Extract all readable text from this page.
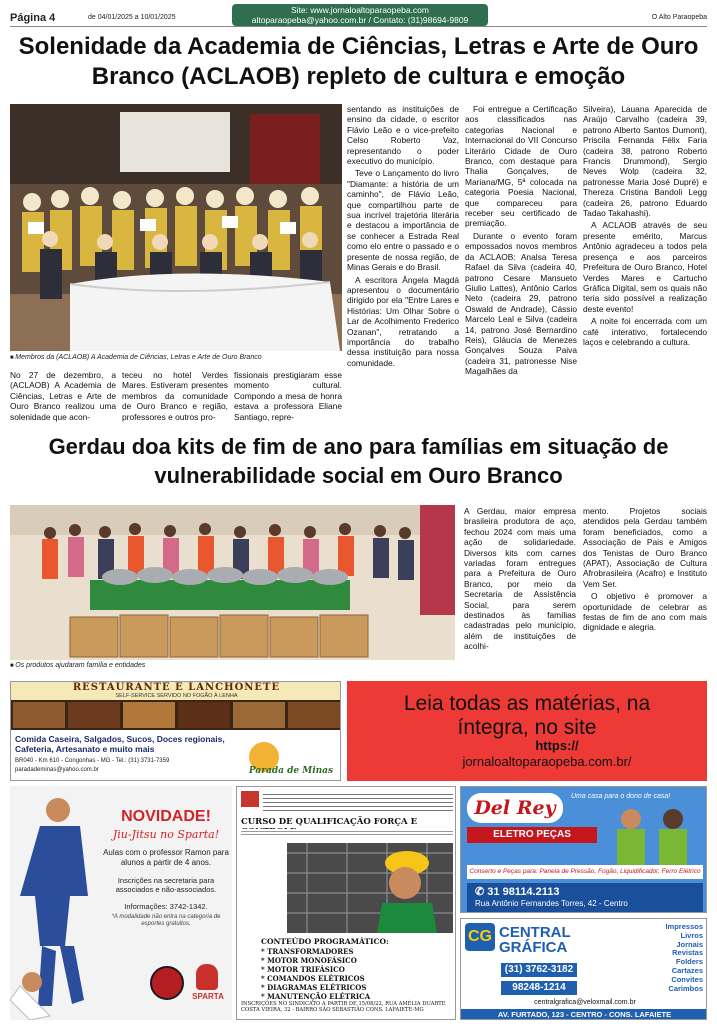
Página 4	de 04/01/2025 a 10/01/2025
Site: www.jornaloaltoparaopeba.com
altoparaopeba@yahoo.com.br / Contato: (31)98694-9809	O Alto Paraopeba
Solenidade da Academia de Ciências, Letras e Arte de Ouro Branco (ACLAOB) repleto de cultura e emoção
■ Membros da (ACLAOB) A Academia de Ciências, Letras e Arte de Ouro Branco
No 27 de dezembro, a (ACLAOB) A Academia de Ciências, Letras e Arte de Ouro Branco realizou uma solenidade que acon-
teceu no hotel Verdes Mares. Estiveram presentes membros da comunidade de Ouro Branco e região, professores e outros pro-
fissionais prestigiaram esse momento cultural. Compondo a mesa de honra estava a professora Eliane Santiago, repre-

sentando as instituições de ensino da cidade, o escritor Flávio Leão e o vice-prefeito Celso Roberto Vaz, representando o poder executivo do município.

Teve o Lançamento do livro "Diamante: a história de um caminho", de Flávio Leão, que compartilhou parte de sua incrível trajetória literária e destacou a importância de se conhecer a Estrada Real como elo entre o passado e o presente de nossa região, de Minas Gerais e do Brasil.

A escritora Ângela Magdá apresentou o documentário dirigido por ela "Entre Lares e Histórias: Um Olhar Sobre o Lar de Acolhimento Frederico Ozanan", retratando a importância do trabalho dessa instituição para nossa comunidade.

Foi entregue a Certificação aos classificados nas categorias Nacional e Internacional do VII Concurso Literário Cidade de Ouro Branco, com destaque para Thalia Gonçalves, de Mariana/MG, 5ª colocada na categoria Poesia Nacional, que compareceu para receber seu certificado de premiação.

Durante o evento foram empossados novos membros da ACLAOB: Analsa Teresa Rafael da Silva (cadeira 40, patrono Cesare Mansueto Giulio Lattes), Antônio Carlos Neto (cadeira 29, patrono Oswald de Andrade), Cássio Marcelo Leal e Silva (cadeira 14, patrono José Bernardino Reis), Gláucia de Menezes Gonçalves Souza Paiva (cadeira 31, patronesse Nise Magalhães da

Silveira), Lauana Aparecida de Araújo Carvalho (cadeira 39, patrono Alberto Santos Dumont), Priscila Fernanda Félix Faria (cadeira 38, patrono Roberto Francis Drummond), Sergio Neves Wolp (cadeira 32, patronesse Maria José Dupré) e Thereza Cristina Bandoli Legg (cadeira 26, patrono Eduardo Tadao Takahashi).

A ACLAOB através de seu presente emérito, Marcus Antônio agradeceu a todos pela presença e aos parceiros Prefeitura de Ouro Branco, Hotel Verdes Mares e Cartucho Gráfica Digital, sem os quais não teria sido possível a realização deste evento!

A noite foi encerrada com um café interativo, fortalecendo laços e celebrando a cultura.

Gerdau doa kits de fim de ano para famílias em situação de vulnerabilidade social em Ouro Branco
■ Os produtos ajudaram família e entidades
A Gerdau, maior empresa brasileira produtora de aço, fechou 2024 com mais uma ação de solidariedade. Diversos kits com carnes variadas foram entregues para a Prefeitura de Ouro Branco, por meio da Secretaria de Assistência Social, para serem destinados às famílias cadastradas pelo município, além de instituições de acolhi-

mento. Projetos sociais atendidos pela Gerdau também foram beneficiados, como a Associação de Pais e Amigos dos Tenistas de Ouro Branco (APAT), Associação de Cultura Afrobrasileira (Acafro) e Instituto Vem Ser.

O objetivo é promover a oportunidade de celebrar as festas de fim de ano com mais dignidade e alegria.

RESTAURANTE E LANCHONETE
SELF-SERVICE SERVIDO NO FOGÃO À LENHA
Comida Caseira, Salgados, Sucos, Doces regionais, Cafeteria, Artesanato e muito mais
BR040 - Km 610 - Congonhas - MG - Tel.: (31) 3731-7359
paradademinas@yahoo.com.br	Parada de Minas
Leia todas as matérias, na
íntegra, no site
https://
jornaloaltoparaopeba.com.br/
NOVIDADE!
Jiu-Jitsu no Sparta!
Aulas com o professor Ramon para alunos a partir de 4 anos.
Inscrições na secretaria para associados e não-associados.
Informações: 3742-1342.
*A modalidade não entra na categoria de esportes gratuitos.
SPARTA
CURSO DE QUALIFICAÇÃO FORÇA E
CONTEÚDO PROGRAMÁTICO:
* TRANSFORMADORES
* MOTOR MONOFÁSICO
* MOTOR TRIFÁSICO
* COMANDOS ELÉTRICOS
* DIAGRAMAS ELÉTRICOS
* MANUTENÇÃO ELÉTRICA
INSCRIÇÕES NO SINDICATO A PARTIR DE 15/08/22, RUA AMÉLIA DUARTE COSTA VIEIRA, 32 - BAIRRO SÃO SEBASTIÃO CONS. LAFAIETE-MG
Del Rey
Uma casa para o dono de casa!
ELETRO PEÇAS
Conserto e Peças para: Panela de Pressão, Fogão, Liquidificador, Ferro Elétrico
✆ 31 98114.2113
Rua Antônio Fernandes Torres, 42 - Centro
CG CENTRAL GRÁFICA
(31) 3762-3182
98248-1214
Impressos
Livros
Jornais
Revistas
Folders
Cartazes
Convites
Carimbos
centralgrafica@veloxmail.com.br
AV. FURTADO, 123 - CENTRO - CONS. LAFAIETE
